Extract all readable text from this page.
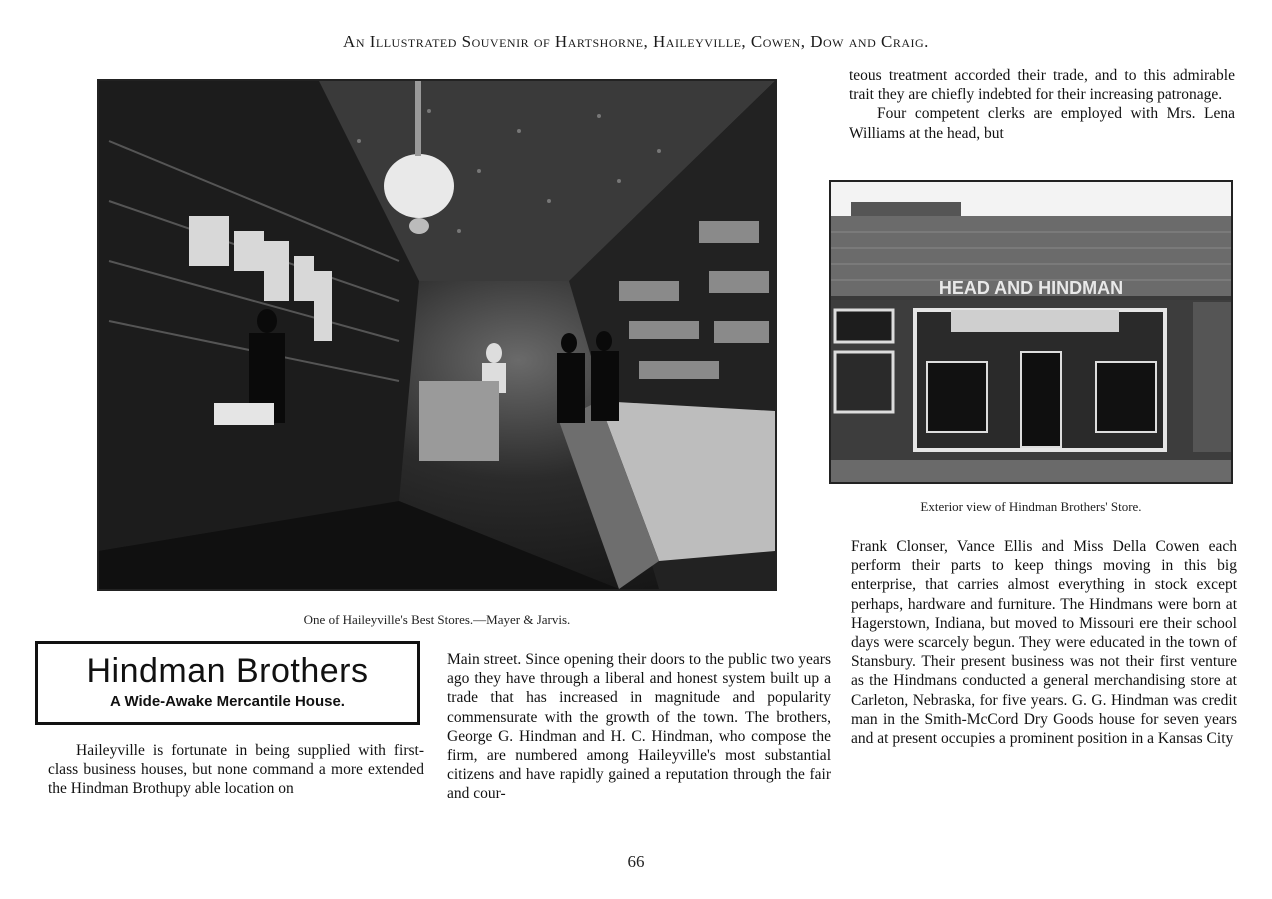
An Illustrated Souvenir of Hartshorne, Haileyville, Cowen, Dow and Craig.
One of Haileyville's Best Stores.—Mayer & Jarvis.
HEAD AND HINDMAN
Exterior view of Hindman Brothers' Store.
Hindman Brothers
A Wide-Awake Mercantile House.

Haileyville is fortunate in being supplied with first-class business houses, but none command a more extended the Hindman Brothupy able location on

Main street. Since opening their doors to the public two years ago they have through a liberal and honest system built up a trade that has increased in magnitude and popularity commensurate with the growth of the town. The brothers, George G. Hindman and H. C. Hindman, who compose the firm, are numbered among Haileyville's most substantial citizens and have rapidly gained a reputation through the fair and cour-

teous treatment accorded their trade, and to this admirable trait they are chiefly indebted for their increasing patronage.

Four competent clerks are employed with Mrs. Lena Williams at the head, but

Frank Clonser, Vance Ellis and Miss Della Cowen each perform their parts to keep things moving in this big enterprise, that carries almost everything in stock except perhaps, hardware and furniture. The Hindmans were born at Hagerstown, Indiana, but moved to Missouri ere their school days were scarcely begun. They were educated in the town of Stansbury. Their present business was not their first venture as the Hindmans conducted a general merchandising store at Carleton, Nebraska, for five years. G. G. Hindman was credit man in the Smith-McCord Dry Goods house for seven years and at present occupies a prominent position in a Kansas City

66
